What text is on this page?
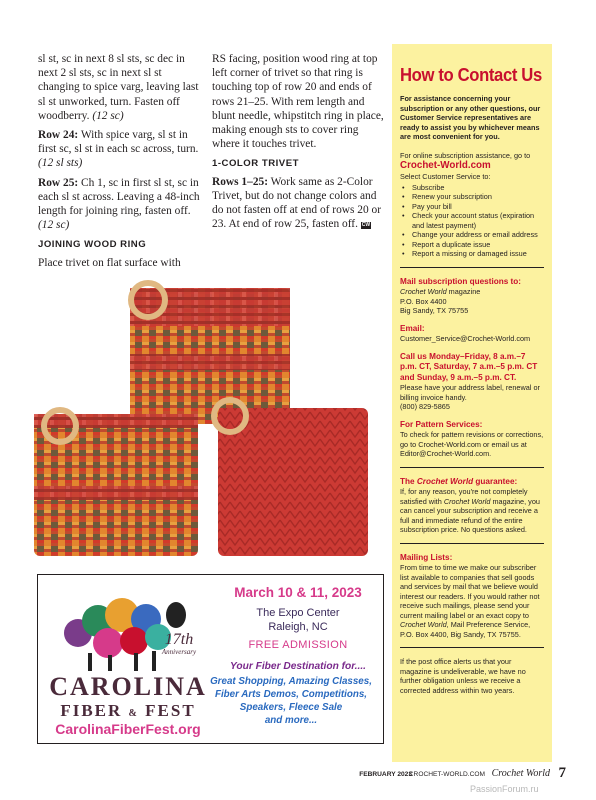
sl st, sc in next 8 sl sts, sc dec in next 2 sl sts, sc in next sl st changing to spice varg, leaving last sl st unworked, turn. Fasten off woodberry. (12 sc)

Row 24: With spice varg, sl st in first sc, sl st in each sc across, turn. (12 sl sts)

Row 25: Ch 1, sc in first sl st, sc in each sl st across. Leaving a 48-inch length for joining ring, fasten off. (12 sc)

JOINING WOOD RING

Place trivet on flat surface with

RS facing, position wood ring at top left corner of trivet so that ring is touching top of row 20 and ends of rows 21–25. With rem length and blunt needle, whipstitch ring in place, making enough sts to cover ring where it touches trivet.

1-COLOR TRIVET

Rows 1–25: Work same as 2-Color Trivet, but do not change colors and do not fasten off at end of rows 20 or 23. At end of row 25, fasten off. CW

How to Contact Us
For assistance concerning your subscription or any other questions, our Customer Service representatives are ready to assist you by whichever means are most convenient for you.
For online subscription assistance, go to
Crochet-World.com
Select Customer Service to:
• Subscribe
• Renew your subscription
• Pay your bill
• Check your account status (expiration and latest payment)
• Change your address or email address
• Report a duplicate issue
• Report a missing or damaged issue
Mail subscription questions to:
Crochet World magazine
P.O. Box 4400
Big Sandy, TX 75755
Email:
Customer_Service@Crochet-World.com
Call us Monday–Friday, 8 a.m.–7 p.m. CT, Saturday, 7 a.m.–5 p.m. CT and Sunday, 9 a.m.–5 p.m. CT.
Please have your address label, renewal or billing invoice handy.
(800) 829-5865
For Pattern Services:
To check for pattern revisions or corrections, go to Crochet-World.com or email us at Editor@Crochet-World.com.
The Crochet World guarantee:
If, for any reason, you're not completely satisfied with Crochet World magazine, you can cancel your subscription and receive a full and immediate refund of the entire subscription price. No questions asked.
Mailing Lists:
From time to time we make our subscriber list available to companies that sell goods and services by mail that we believe would interest our readers. If you would rather not receive such mailings, please send your current mailing label or an exact copy to Crochet World, Mail Preference Service, P.O. Box 4400, Big Sandy, TX 75755.
If the post office alerts us that your magazine is undeliverable, we have no further obligation unless we receive a corrected address within two years.
17th
Anniversary
CAROLINA
FIBER & FEST
CarolinaFiberFest.org
March 10 & 11, 2023
The Expo Center
Raleigh, NC
FREE ADMISSION
Your Fiber Destination for....
Great Shopping, Amazing Classes,
Fiber Arts Demos, Competitions,
Speakers, Fleece Sale
and more...
FEBRUARY 2023
CROCHET-WORLD.COM Crochet World 7
PassionForum.ru
